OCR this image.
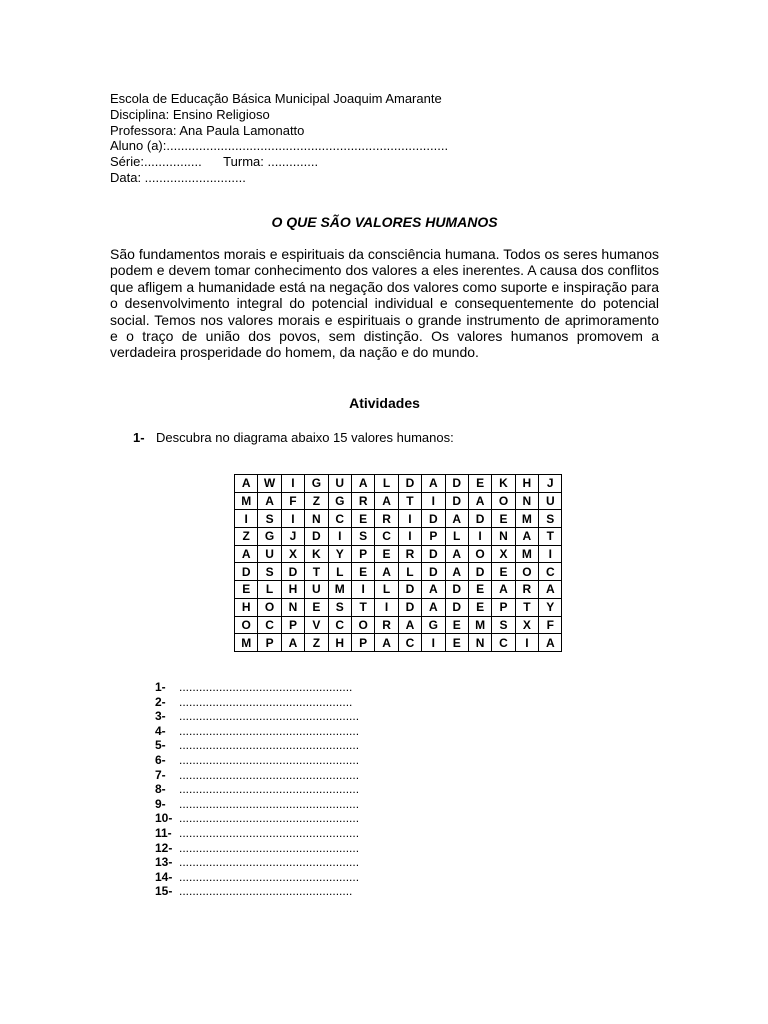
Escola de Educação Básica Municipal Joaquim Amarante
Disciplina: Ensino Religioso
Professora: Ana Paula Lamonatto
Aluno (a):..............................................................................
Série:................      Turma: ..............
Data: ............................
O QUE SÃO VALORES HUMANOS
São fundamentos morais e espirituais da consciência humana. Todos os seres humanos podem e devem tomar conhecimento dos valores a eles inerentes. A causa dos conflitos que afligem a humanidade está na negação dos valores como suporte e inspiração para o desenvolvimento integral do potencial individual e consequentemente do potencial social. Temos nos valores morais e espirituais o grande instrumento de aprimoramento e o traço de união dos povos, sem distinção. Os valores humanos promovem a verdadeira prosperidade do homem, da nação e do mundo.
Atividades
1- Descubra no diagrama abaixo 15 valores humanos:
A	W	I	G	U	A	L	D	A	D	E	K	H	J
M	A	F	Z	G	R	A	T	I	D	A	O	N	U
I	S	I	N	C	E	R	I	D	A	D	E	M	S
Z	G	J	D	I	S	C	I	P	L	I	N	A	T
A	U	X	K	Y	P	E	R	D	A	O	X	M	I
D	S	D	T	L	E	A	L	D	A	D	E	O	C
E	L	H	U	M	I	L	D	A	D	E	A	R	A
H	O	N	E	S	T	I	D	A	D	E	P	T	Y
O	C	P	V	C	O	R	A	G	E	M	S	X	F
M	P	A	Z	H	P	A	C	I	E	N	C	I	A
1- ....................................................
2- ....................................................
3- ......................................................
4- ......................................................
5- ......................................................
6- ......................................................
7- ......................................................
8- ......................................................
9- ......................................................
10- ......................................................
11- ......................................................
12- ......................................................
13- ......................................................
14- ......................................................
15- ....................................................
